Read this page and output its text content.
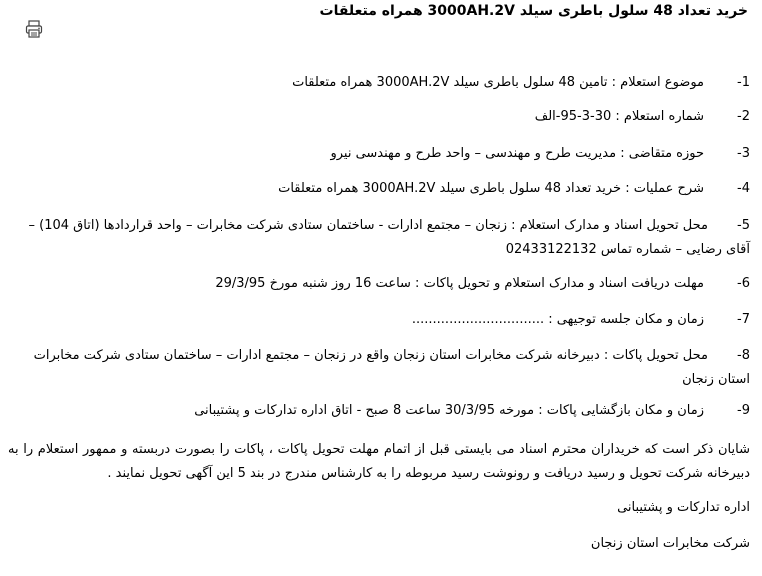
خرید تعداد 48 سلول باطری سیلد 3000AH.2V همراه متعلقات
1 -موضوع استعلام : تامین 48 سلول باطری سیلد 3000AH.2V همراه متعلقات
2 -شماره استعلام : 30-3-95-الف
3 -حوزه متقاضی : مدیریت طرح و مهندسی – واحد طرح و مهندسی نیرو
4 -شرح عملیات : خرید تعداد 48 سلول باطری سیلد 3000AH.2V همراه متعلقات
5 -محل تحویل اسناد و مدارک استعلام : زنجان – مجتمع ادارات - ساختمان ستادی شرکت مخابرات – واحد قراردادها (اتاق 104) – آقای رضایی – شماره تماس 02433122132
6 -مهلت دریافت اسناد و مدارک استعلام و تحویل پاکات : ساعت 16 روز شنبه مورخ 29/3/95
7 -زمان و مکان جلسه توجیهی : ................................
8 -محل تحویل پاکات : دبیرخانه شرکت مخابرات استان زنجان واقع در زنجان – مجتمع ادارات – ساختمان ستادی شرکت مخابرات استان زنجان
9 -زمان و مکان بازگشایی پاکات : مورخه 30/3/95 ساعت 8 صبح - اتاق اداره تدارکات و پشتیبانی
شایان ذکر است که خریداران محترم اسناد می بایستی قبل از اتمام مهلت تحویل پاکات ، پاکات را بصورت دربسته و ممهور استعلام را به دبیرخانه شرکت تحویل و رسید دریافت و رونوشت رسید مربوطه را به کارشناس مندرج در بند 5 این آگهی تحویل نمایند .
اداره تدارکات و پشتیبانی
شرکت مخابرات استان زنجان
